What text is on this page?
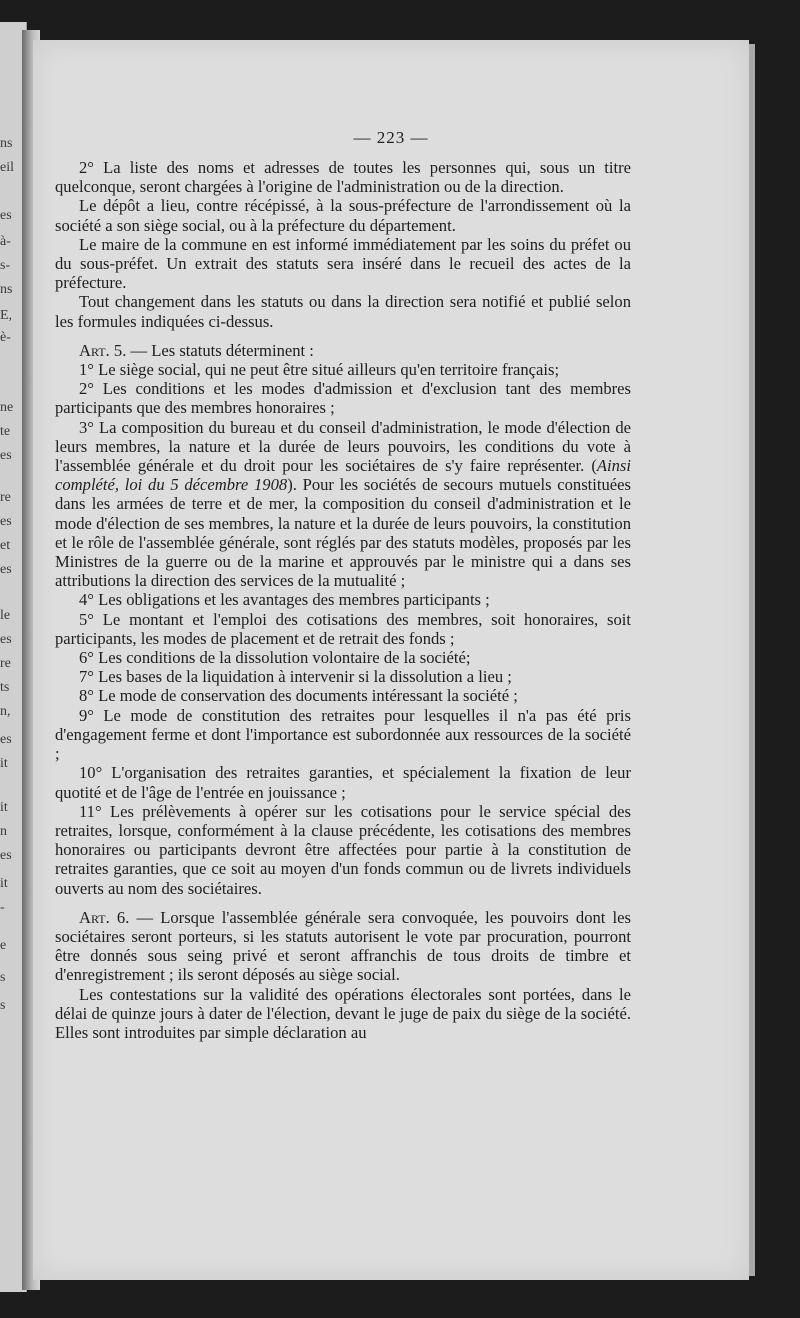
ns
eil
es
à-
s-
ns
E,
è-
ne
te
es
re
es
et
es
le
es
re
ts
n,
es
it
it
n
es
it
-
e
s
s
— 223 —

2° La liste des noms et adresses de toutes les personnes qui, sous un titre quelconque, seront chargées à l'origine de l'administration ou de la direction.

Le dépôt a lieu, contre récépissé, à la sous-préfecture de l'arrondissement où la société a son siège social, ou à la préfecture du département.

Le maire de la commune en est informé immédiatement par les soins du préfet ou du sous-préfet. Un extrait des statuts sera inséré dans le recueil des actes de la préfecture.

Tout changement dans les statuts ou dans la direction sera notifié et publié selon les formules indiquées ci-dessus.

Art. 5. — Les statuts déterminent :

1° Le siège social, qui ne peut être situé ailleurs qu'en territoire français;

2° Les conditions et les modes d'admission et d'exclusion tant des membres participants que des membres honoraires ;

3° La composition du bureau et du conseil d'administration, le mode d'élection de leurs membres, la nature et la durée de leurs pouvoirs, les conditions du vote à l'assemblée générale et du droit pour les sociétaires de s'y faire représenter. (Ainsi complété, loi du 5 décembre 1908). Pour les sociétés de secours mutuels constituées dans les armées de terre et de mer, la composition du conseil d'administration et le mode d'élection de ses membres, la nature et la durée de leurs pouvoirs, la constitution et le rôle de l'assemblée générale, sont réglés par des statuts modèles, proposés par les Ministres de la guerre ou de la marine et approuvés par le ministre qui a dans ses attributions la direction des services de la mutualité ;

4° Les obligations et les avantages des membres participants ;

5° Le montant et l'emploi des cotisations des membres, soit honoraires, soit participants, les modes de placement et de retrait des fonds ;

6° Les conditions de la dissolution volontaire de la société;

7° Les bases de la liquidation à intervenir si la dissolution a lieu ;

8° Le mode de conservation des documents intéressant la société ;

9° Le mode de constitution des retraites pour lesquelles il n'a pas été pris d'engagement ferme et dont l'importance est subordonnée aux ressources de la société ;

10° L'organisation des retraites garanties, et spécialement la fixation de leur quotité et de l'âge de l'entrée en jouissance ;

11° Les prélèvements à opérer sur les cotisations pour le service spécial des retraites, lorsque, conformément à la clause précédente, les cotisations des membres honoraires ou participants devront être affectées pour partie à la constitution de retraites garanties, que ce soit au moyen d'un fonds commun ou de livrets individuels ouverts au nom des sociétaires.

Art. 6. — Lorsque l'assemblée générale sera convoquée, les pouvoirs dont les sociétaires seront porteurs, si les statuts autorisent le vote par procuration, pourront être donnés sous seing privé et seront affranchis de tous droits de timbre et d'enregistrement ; ils seront déposés au siège social.

Les contestations sur la validité des opérations électorales sont portées, dans le délai de quinze jours à dater de l'élection, devant le juge de paix du siège de la société. Elles sont introduites par simple déclaration au
